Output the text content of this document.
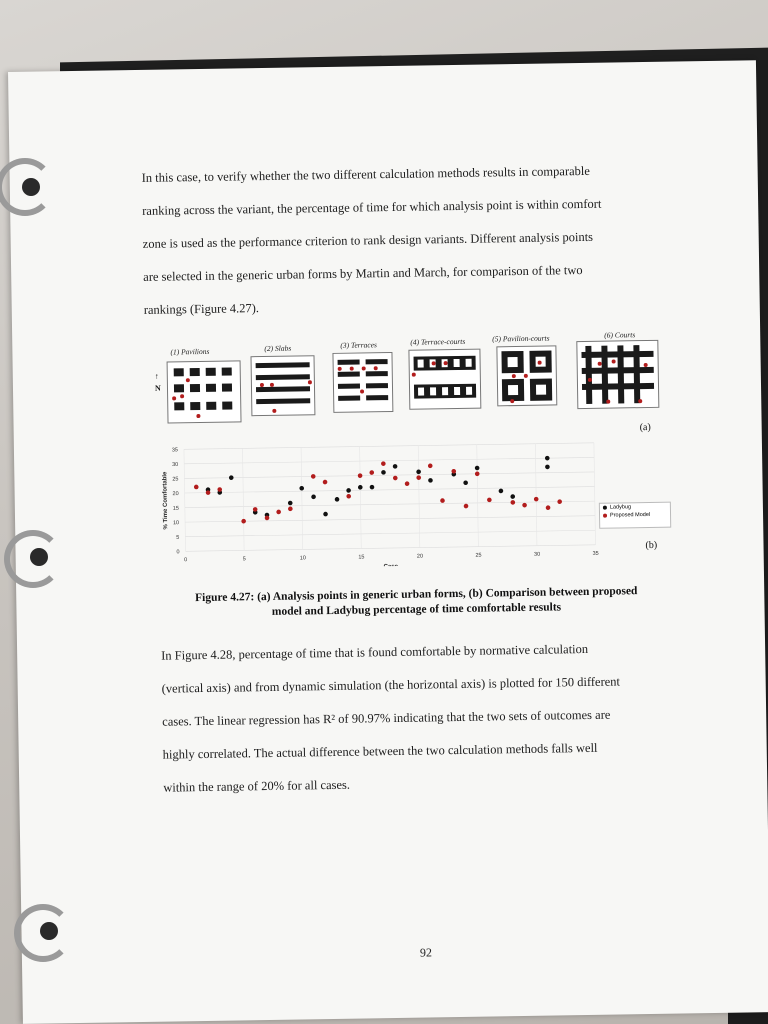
In this case, to verify whether the two different calculation methods results in comparable
ranking across the variant, the percentage of time for which analysis point is within comfort
zone is used as the performance criterion to rank design variants. Different analysis points
are selected in the generic urban forms by Martin and March, for comparison of the two
rankings (Figure 4.27).
(1) Pavilions	(2) Slabs	(3) Terraces	(4) Terrace-courts	(5) Pavilion-courts	(6) Courts
↑
N
(a)
0
5
10
15
20
25
30
35
0	5	10	15	20	25	30	35
Case
% Time Comfortable	Ladybug
Proposed Model
(b)
Figure 4.27: (a) Analysis points in generic urban forms, (b) Comparison between proposed
model and Ladybug percentage of time comfortable results
In Figure 4.28, percentage of time that is found comfortable by normative calculation
(vertical axis) and from dynamic simulation (the horizontal axis) is plotted for 150 different
cases. The linear regression has R² of 90.97% indicating that the two sets of outcomes are
highly correlated. The actual difference between the two calculation methods falls well
within the range of 20% for all cases.
92
